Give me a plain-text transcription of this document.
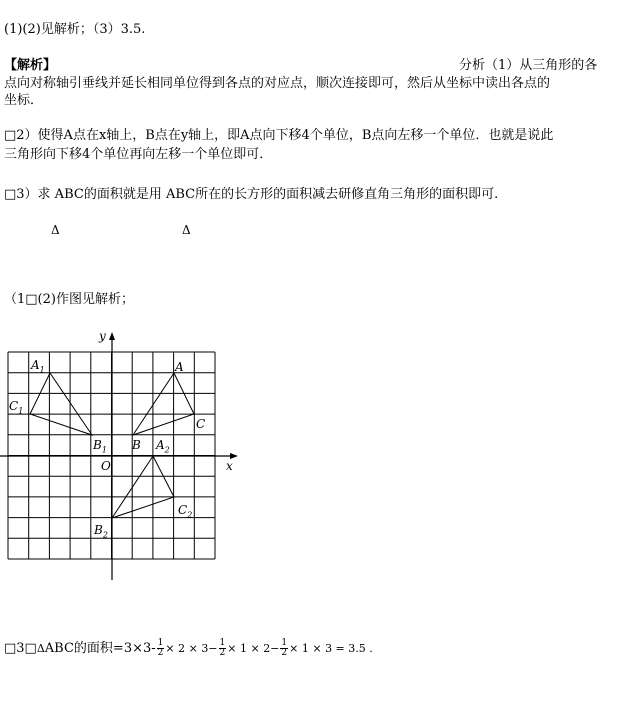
(1)(2)见解析；（3）3.5.
【解析】	分析（1）从三角形的各
点向对称轴引垂线并延长相同单位得到各点的对应点，顺次连接即可，然后从坐标中读出各点的
坐标．
□2）使得A点在x轴上，B点在y轴上，即A点向下移4个单位，B点向左移一个单位．也就是说此
三角形向下移4个单位再向左移一个单位即可．
□3）求 ABC的面积就是用 ABC所在的长方形的面积减去研修直角三角形的面积即可.
Δ	Δ
（1□(2)作图见解析；
y
x
O
$A_1$
$C_1$
$B_1$
A
B
C
$A_2$
$C_2$
$B_2$
□3□ΔABC的面积$=3\times 3- \frac{1}{2} \times 2 \times 3- \frac{1}{2} \times 1 \times 2- \frac{1}{2} \times 1 \times 3 = 3.5$ .
